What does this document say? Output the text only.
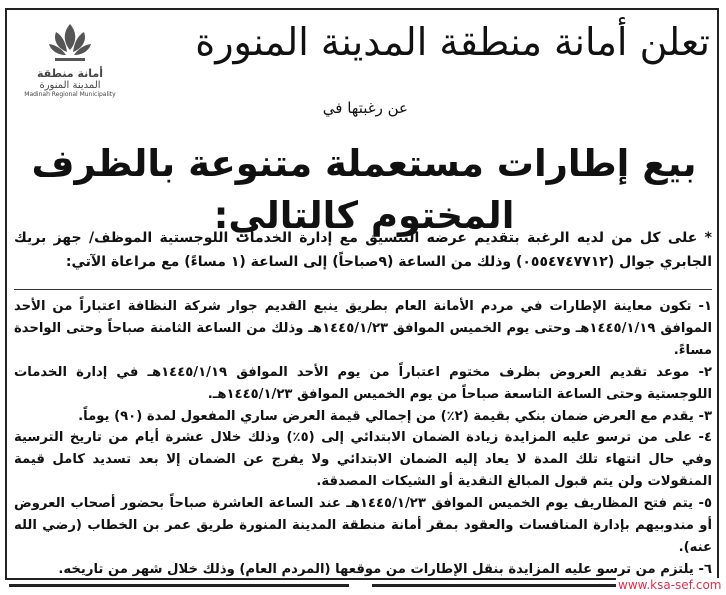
أمانة منطقة
المدينة المنورة
Madinah Regional Municipality
تعلن أمانة منطقة المدينة المنورة
عن رغبتها في
بيع إطارات مستعملة متنوعة بالظرف المختوم كالتالي:
* على كل من لديه الرغبة بتقديم عرضه التنسيق مع إدارة الخدمات اللوجستية الموظف/ جهز بريك الجابري جوال (٠٥٥٤٧٤٧٧١٢) وذلك من الساعة (٩صباحاً) إلى الساعة (١ مساءً) مع مراعاة الآتي:
١- تكون معاينة الإطارات في مردم الأمانة العام بطريق ينبع القديم جوار شركة النظافة اعتباراً من الأحد الموافق ١٤٤٥/١/١٩هـ وحتى يوم الخميس الموافق ١٤٤٥/١/٢٣هـ وذلك من الساعة الثامنة صباحاً وحتى الواحدة مساءً.
٢- موعد تقديم العروض بظرف مختوم اعتباراً من يوم الأحد الموافق ١٤٤٥/١/١٩هـ في إدارة الخدمات اللوجستية وحتى الساعة التاسعة صباحاً من يوم الخميس الموافق ١٤٤٥/١/٢٣هـ.
٣- يقدم مع العرض ضمان بنكي بقيمة (٢٪) من إجمالي قيمة العرض ساري المفعول لمدة (٩٠) يوماً.
٤- على من ترسو عليه المزايدة زيادة الضمان الابتدائي إلى (٥٪) وذلك خلال عشرة أيام من تاريخ الترسية وفي حال انتهاء تلك المدة لا يعاد إليه الضمان الابتدائي ولا يفرج عن الضمان إلا بعد تسديد كامل قيمة المنقولات ولن يتم قبول المبالغ النقدية أو الشيكات المصدقة.
٥- يتم فتح المظاريف يوم الخميس الموافق ١٤٤٥/١/٢٣هـ عند الساعة العاشرة صباحاً بحضور أصحاب العروض أو مندوبيهم بإدارة المنافسات والعقود بمقر أمانة منطقة المدينة المنورة طريق عمر بن الخطاب (رضي الله عنه).
٦- يلتزم من ترسو عليه المزايدة بنقل الإطارات من موقعها (المردم العام) وذلك خلال شهر من تاريخه.
www.ksa-sef.com
